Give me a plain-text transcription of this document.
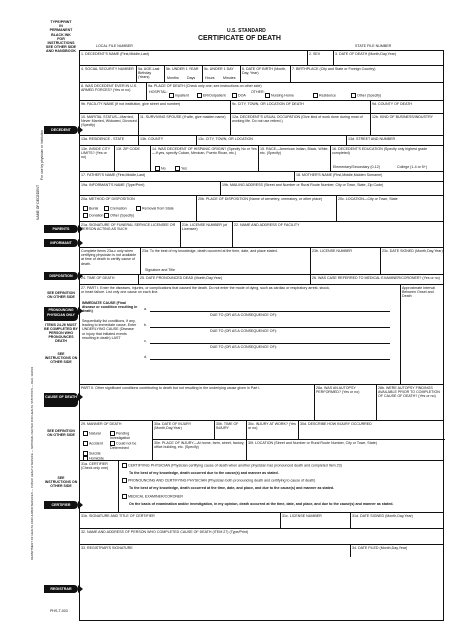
TYPE/PRINT
IN
PERMANENT
BLACK INK
FOR
INSTRUCTIONS
SEE OTHER SIDE
AND HANDBOOK
U.S. STANDARD
CERTIFICATE OF DEATH
LOCAL FILE NUMBER	STATE FILE NUMBER
DECEDENT
PARENTS
INFORMANT
DISPOSITION
SEE DEFINITION ON OTHER SIDE
PRONOUNCING PHYSICIAN ONLY
ITEMS 24-26 MUST BE COMPLETED BY PERSON WHO PRONOUNCES DEATH
SEE INSTRUCTIONS ON OTHER SIDE
CAUSE OF DEATH
SEE DEFINITION ON OTHER SIDE
SEE INSTRUCTIONS ON OTHER SIDE
CERTIFIER
REGISTRAR
NAME OF DECEDENT
For use by physician or institution
DEPARTMENT OF HEALTH AND HUMAN SERVICES — PUBLIC HEALTH SERVICE — NATIONAL CENTER FOR HEALTH STATISTICS — REV. 11/2003
1. DECEDENT'S NAME (First,Middle,Last)	2. SEX	3. DATE OF DEATH (Month,Day,Year)
4. SOCIAL SECURITY NUMBER	5a. AGE-Last Birthday (Years)
5b. UNDER 1 YEAR
Months Days
5c. UNDER 1 DAY
Hours Minutes
6. DATE OF BIRTH (Month, Day, Year)
7. BIRTHPLACE (City and State or Foreign Country)
8. WAS DECEDENT EVER IN U.S. ARMED FORCES? (Yes or no)
9a. PLACE OF DEATH (Check only one; see instructions on other side)
HOSPITAL:
Inpatient	ER/Outpatient	DOA
OTHER:
Nursing Home	Residence	Other (Specify)
9b. FACILITY NAME (If not institution, give street and number)	9c. CITY, TOWN, OR LOCATION OF DEATH	9d. COUNTY OF DEATH
10. MARITAL STATUS—Married, Never Married, Widowed, Divorced (Specify)
11. SURVIVING SPOUSE (If wife, give maiden name)	12a. DECEDENT'S USUAL OCCUPATION (Give kind of work done during most of working life. Do not use retired.)
12b. KIND OF BUSINESS/INDUSTRY
13a. RESIDENCE - STATE	13b. COUNTY	13c. CITY, TOWN, OR LOCATION	13d. STREET AND NUMBER
13e. INSIDE CITY LIMITS? (Yes or no)
13f. ZIP CODE	14. WAS DECEDENT OF HISPANIC ORIGIN? (Specify No or Yes—If yes, specify Cuban, Mexican, Puerto Rican, etc.)
No	Yes
15. RACE—American Indian, Black, White, etc. (Specify)
16. DECEDENT'S EDUCATION (Specify only highest grade completed)
Elementary/Secondary (0-12)	College (1-4 or 5+)
17. FATHER'S NAME (First,Middle,Last)	18. MOTHER'S NAME (First,Middle,Maiden Surname)
19a. INFORMANT'S NAME (Type/Print)	19b. MAILING ADDRESS (Street and Number or Rural Route Number, City or Town, State, Zip Code)
20a. METHOD OF DISPOSITION
Burial	Cremation	Removal from State
Donation	Other (Specify)
20b. PLACE OF DISPOSITION (Name of cemetery, crematory, or other place)	20c. LOCATION—City or Town, State
21a. SIGNATURE OF FUNERAL SERVICE LICENSEE OR PERSON ACTING AS SUCH
21b. LICENSE NUMBER (of Licensee)
22. NAME AND ADDRESS OF FACILITY
Complete items 23a-c only when certifying physician is not available at time of death to certify cause of death.
23a. To the best of my knowledge, death occurred at the time, date, and place stated.
Signature and Title
23b. LICENSE NUMBER	23c. DATE SIGNED (Month,Day,Year)
24. TIME OF DEATH	25. DATE PRONOUNCED DEAD (Month,Day,Year)	26. WAS CASE REFERRED TO MEDICAL EXAMINER/CORONER? (Yes or no)
27. PART I. Enter the diseases, injuries, or complications that caused the death. Do not enter the mode of dying, such as cardiac or respiratory arrest, shock, or heart failure. List only one cause on each line.
IMMEDIATE CAUSE (Final disease or condition resulting in death)
a.
DUE TO (OR AS A CONSEQUENCE OF):
b.
DUE TO (OR AS A CONSEQUENCE OF):
c.
DUE TO (OR AS A CONSEQUENCE OF):
d.
Sequentially list conditions, if any, leading to immediate cause. Enter UNDERLYING CAUSE (Disease or injury that initiated events resulting in death) LAST
Approximate Interval Between Onset and Death
PART II. Other significant conditions contributing to death but not resulting in the underlying cause given in Part I.	28a. WAS AN AUTOPSY PERFORMED? (Yes or no)
28b. WERE AUTOPSY FINDINGS AVAILABLE PRIOR TO COMPLETION OF CAUSE OF DEATH? (Yes or no)
29. MANNER OF DEATH
Natural	Pending Investigation
Accident	Could not be Determined
Suicide
Homicide
30a. DATE OF INJURY (Month,Day,Year)
30b. TIME OF INJURY
30c. INJURY AT WORK? (Yes or no)
30d. DESCRIBE HOW INJURY OCCURRED
30e. PLACE OF INJURY—At home, farm, street, factory, office building, etc. (Specify)
30f. LOCATION (Street and Number or Rural Route Number, City or Town, State)
31a. CERTIFIER (Check only one)
CERTIFYING PHYSICIAN (Physician certifying cause of death when another physician has pronounced death and completed Item 23)
To the best of my knowledge, death occurred due to the cause(s) and manner as stated.
PRONOUNCING AND CERTIFYING PHYSICIAN (Physician both pronouncing death and certifying to cause of death)
To the best of my knowledge, death occurred at the time, date, and place, and due to the cause(s) and manner as stated.
MEDICAL EXAMINER/CORONER
On the basis of examination and/or investigation, in my opinion, death occurred at the time, date, and place, and due to the cause(s) and manner as stated.
31b. SIGNATURE AND TITLE OF CERTIFIER	31c. LICENSE NUMBER	31d. DATE SIGNED (Month,Day,Year)
32. NAME AND ADDRESS OF PERSON WHO COMPLETED CAUSE OF DEATH (ITEM 27) (Type/Print)
33. REGISTRAR'S SIGNATURE	34. DATE FILED (Month,Day,Year)
PHS-T-003
